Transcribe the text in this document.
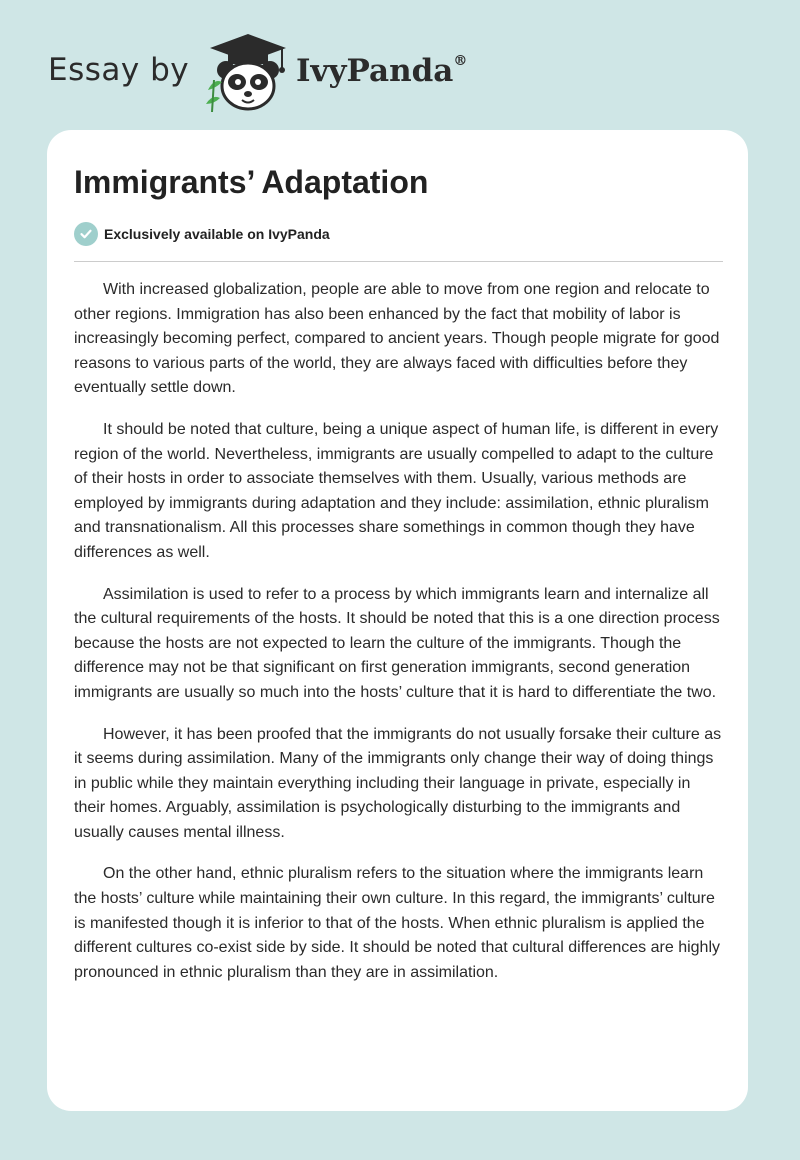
Essay by	IvyPanda®
Immigrants’ Adaptation
Exclusively available on IvyPanda

With increased globalization, people are able to move from one region and relocate to other regions. Immigration has also been enhanced by the fact that mobility of labor is increasingly becoming perfect, compared to ancient years. Though people migrate for good reasons to various parts of the world, they are always faced with difficulties before they eventually settle down.

It should be noted that culture, being a unique aspect of human life, is different in every region of the world. Nevertheless, immigrants are usually compelled to adapt to the culture of their hosts in order to associate themselves with them. Usually, various methods are employed by immigrants during adaptation and they include: assimilation, ethnic pluralism and transnationalism. All this processes share somethings in common though they have differences as well.

Assimilation is used to refer to a process by which immigrants learn and internalize all the cultural requirements of the hosts. It should be noted that this is a one direction process because the hosts are not expected to learn the culture of the immigrants. Though the difference may not be that significant on first generation immigrants, second generation immigrants are usually so much into the hosts’ culture that it is hard to differentiate the two.

However, it has been proofed that the immigrants do not usually forsake their culture as it seems during assimilation. Many of the immigrants only change their way of doing things in public while they maintain everything including their language in private, especially in their homes. Arguably, assimilation is psychologically disturbing to the immigrants and usually causes mental illness.

On the other hand, ethnic pluralism refers to the situation where the immigrants learn the hosts’ culture while maintaining their own culture. In this regard, the immigrants’ culture is manifested though it is inferior to that of the hosts. When ethnic pluralism is applied the different cultures co-exist side by side. It should be noted that cultural differences are highly pronounced in ethnic pluralism than they are in assimilation.
